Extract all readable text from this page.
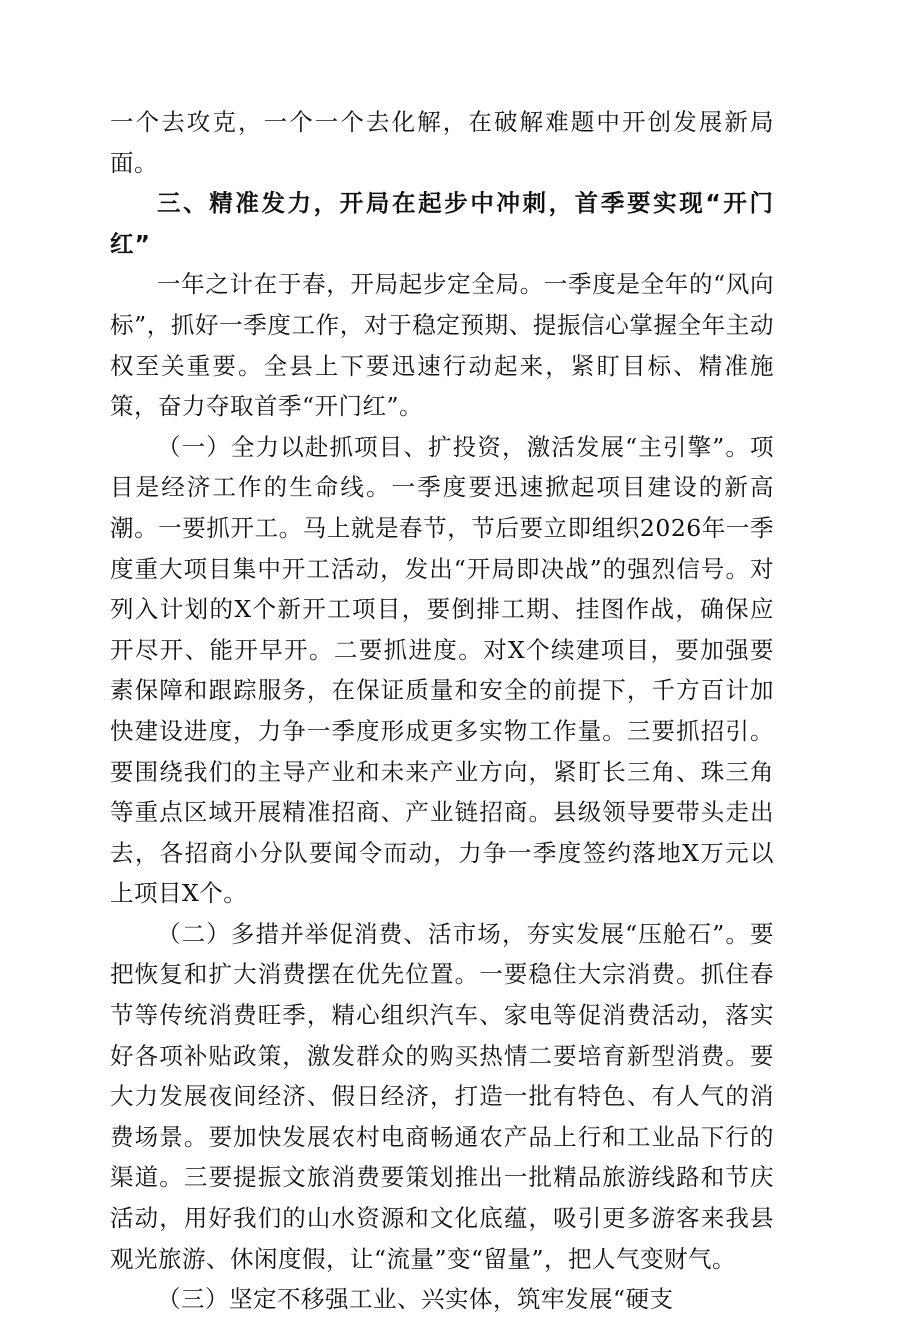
一个去攻克，一个一个去化解，在破解难题中开创发展新局面。

三、精准发力，开局在起步中冲刺，首季要实现“开门红”

一年之计在于春，开局起步定全局。一季度是全年的“风向标”，抓好一季度工作，对于稳定预期、提振信心掌握全年主动权至关重要。全县上下要迅速行动起来，紧盯目标、精准施策，奋力夺取首季“开门红”。

（一）全力以赴抓项目、扩投资，激活发展“主引擎”。项目是经济工作的生命线。一季度要迅速掀起项目建设的新高潮。一要抓开工。马上就是春节，节后要立即组织2026年一季度重大项目集中开工活动，发出“开局即决战”的强烈信号。对列入计划的X个新开工项目，要倒排工期、挂图作战，确保应开尽开、能开早开。二要抓进度。对X个续建项目，要加强要素保障和跟踪服务，在保证质量和安全的前提下，千方百计加快建设进度，力争一季度形成更多实物工作量。三要抓招引。要围绕我们的主导产业和未来产业方向，紧盯长三角、珠三角等重点区域开展精准招商、产业链招商。县级领导要带头走出去，各招商小分队要闻令而动，力争一季度签约落地X万元以上项目X个。

（二）多措并举促消费、活市场，夯实发展“压舱石”。要把恢复和扩大消费摆在优先位置。一要稳住大宗消费。抓住春节等传统消费旺季，精心组织汽车、家电等促消费活动，落实好各项补贴政策，激发群众的购买热情二要培育新型消费。要大力发展夜间经济、假日经济，打造一批有特色、有人气的消费场景。要加快发展农村电商畅通农产品上行和工业品下行的渠道。三要提振文旅消费要策划推出一批精品旅游线路和节庆活动，用好我们的山水资源和文化底蕴，吸引更多游客来我县观光旅游、休闲度假，让“流量”变“留量”，把人气变财气。

（三）坚定不移强工业、兴实体，筑牢发展“硬支
